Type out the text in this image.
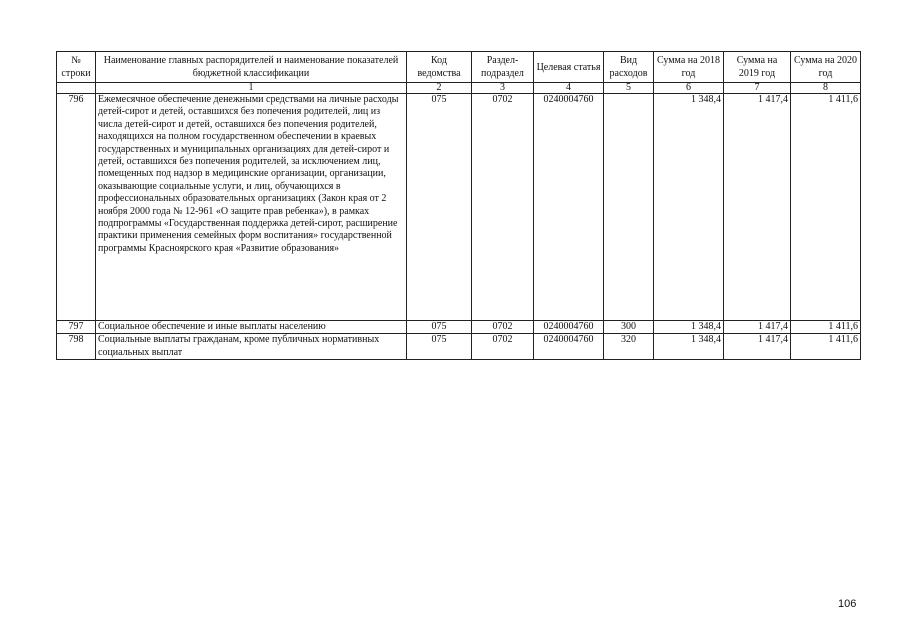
№ строки	Наименование главных распорядителей и наименование показателей бюджетной классификации	Код ведомства	Раздел-подраздел	Целевая статья	Вид расходов	Сумма на 2018 год	Сумма на 2019 год	Сумма на 2020 год
	1	2	3	4	5	6	7	8
796	Ежемесячное обеспечение денежными средствами на личные расходы детей-сирот и детей, оставшихся без попечения родителей, лиц из числа детей-сирот и детей, оставшихся без попечения родителей, находящихся на полном государственном обеспечении в краевых государственных и муниципальных организациях для детей-сирот и детей, оставшихся без попечения родителей, за исключением лиц, помещенных под надзор в медицинские организации, организации, оказывающие социальные услуги, и лиц, обучающихся в профессиональных образовательных организациях (Закон края от 2 ноября 2000 года № 12-961 «О защите прав ребенка»), в рамках подпрограммы «Государственная поддержка детей-сирот, расширение практики применения семейных форм воспитания» государственной программы Красноярского края «Развитие образования»	075	0702	0240004760		1 348,4	1 417,4	1 411,6
797	Социальное обеспечение и иные выплаты населению	075	0702	0240004760	300	1 348,4	1 417,4	1 411,6
798	Социальные выплаты гражданам, кроме публичных нормативных социальных выплат	075	0702	0240004760	320	1 348,4	1 417,4	1 411,6
106
